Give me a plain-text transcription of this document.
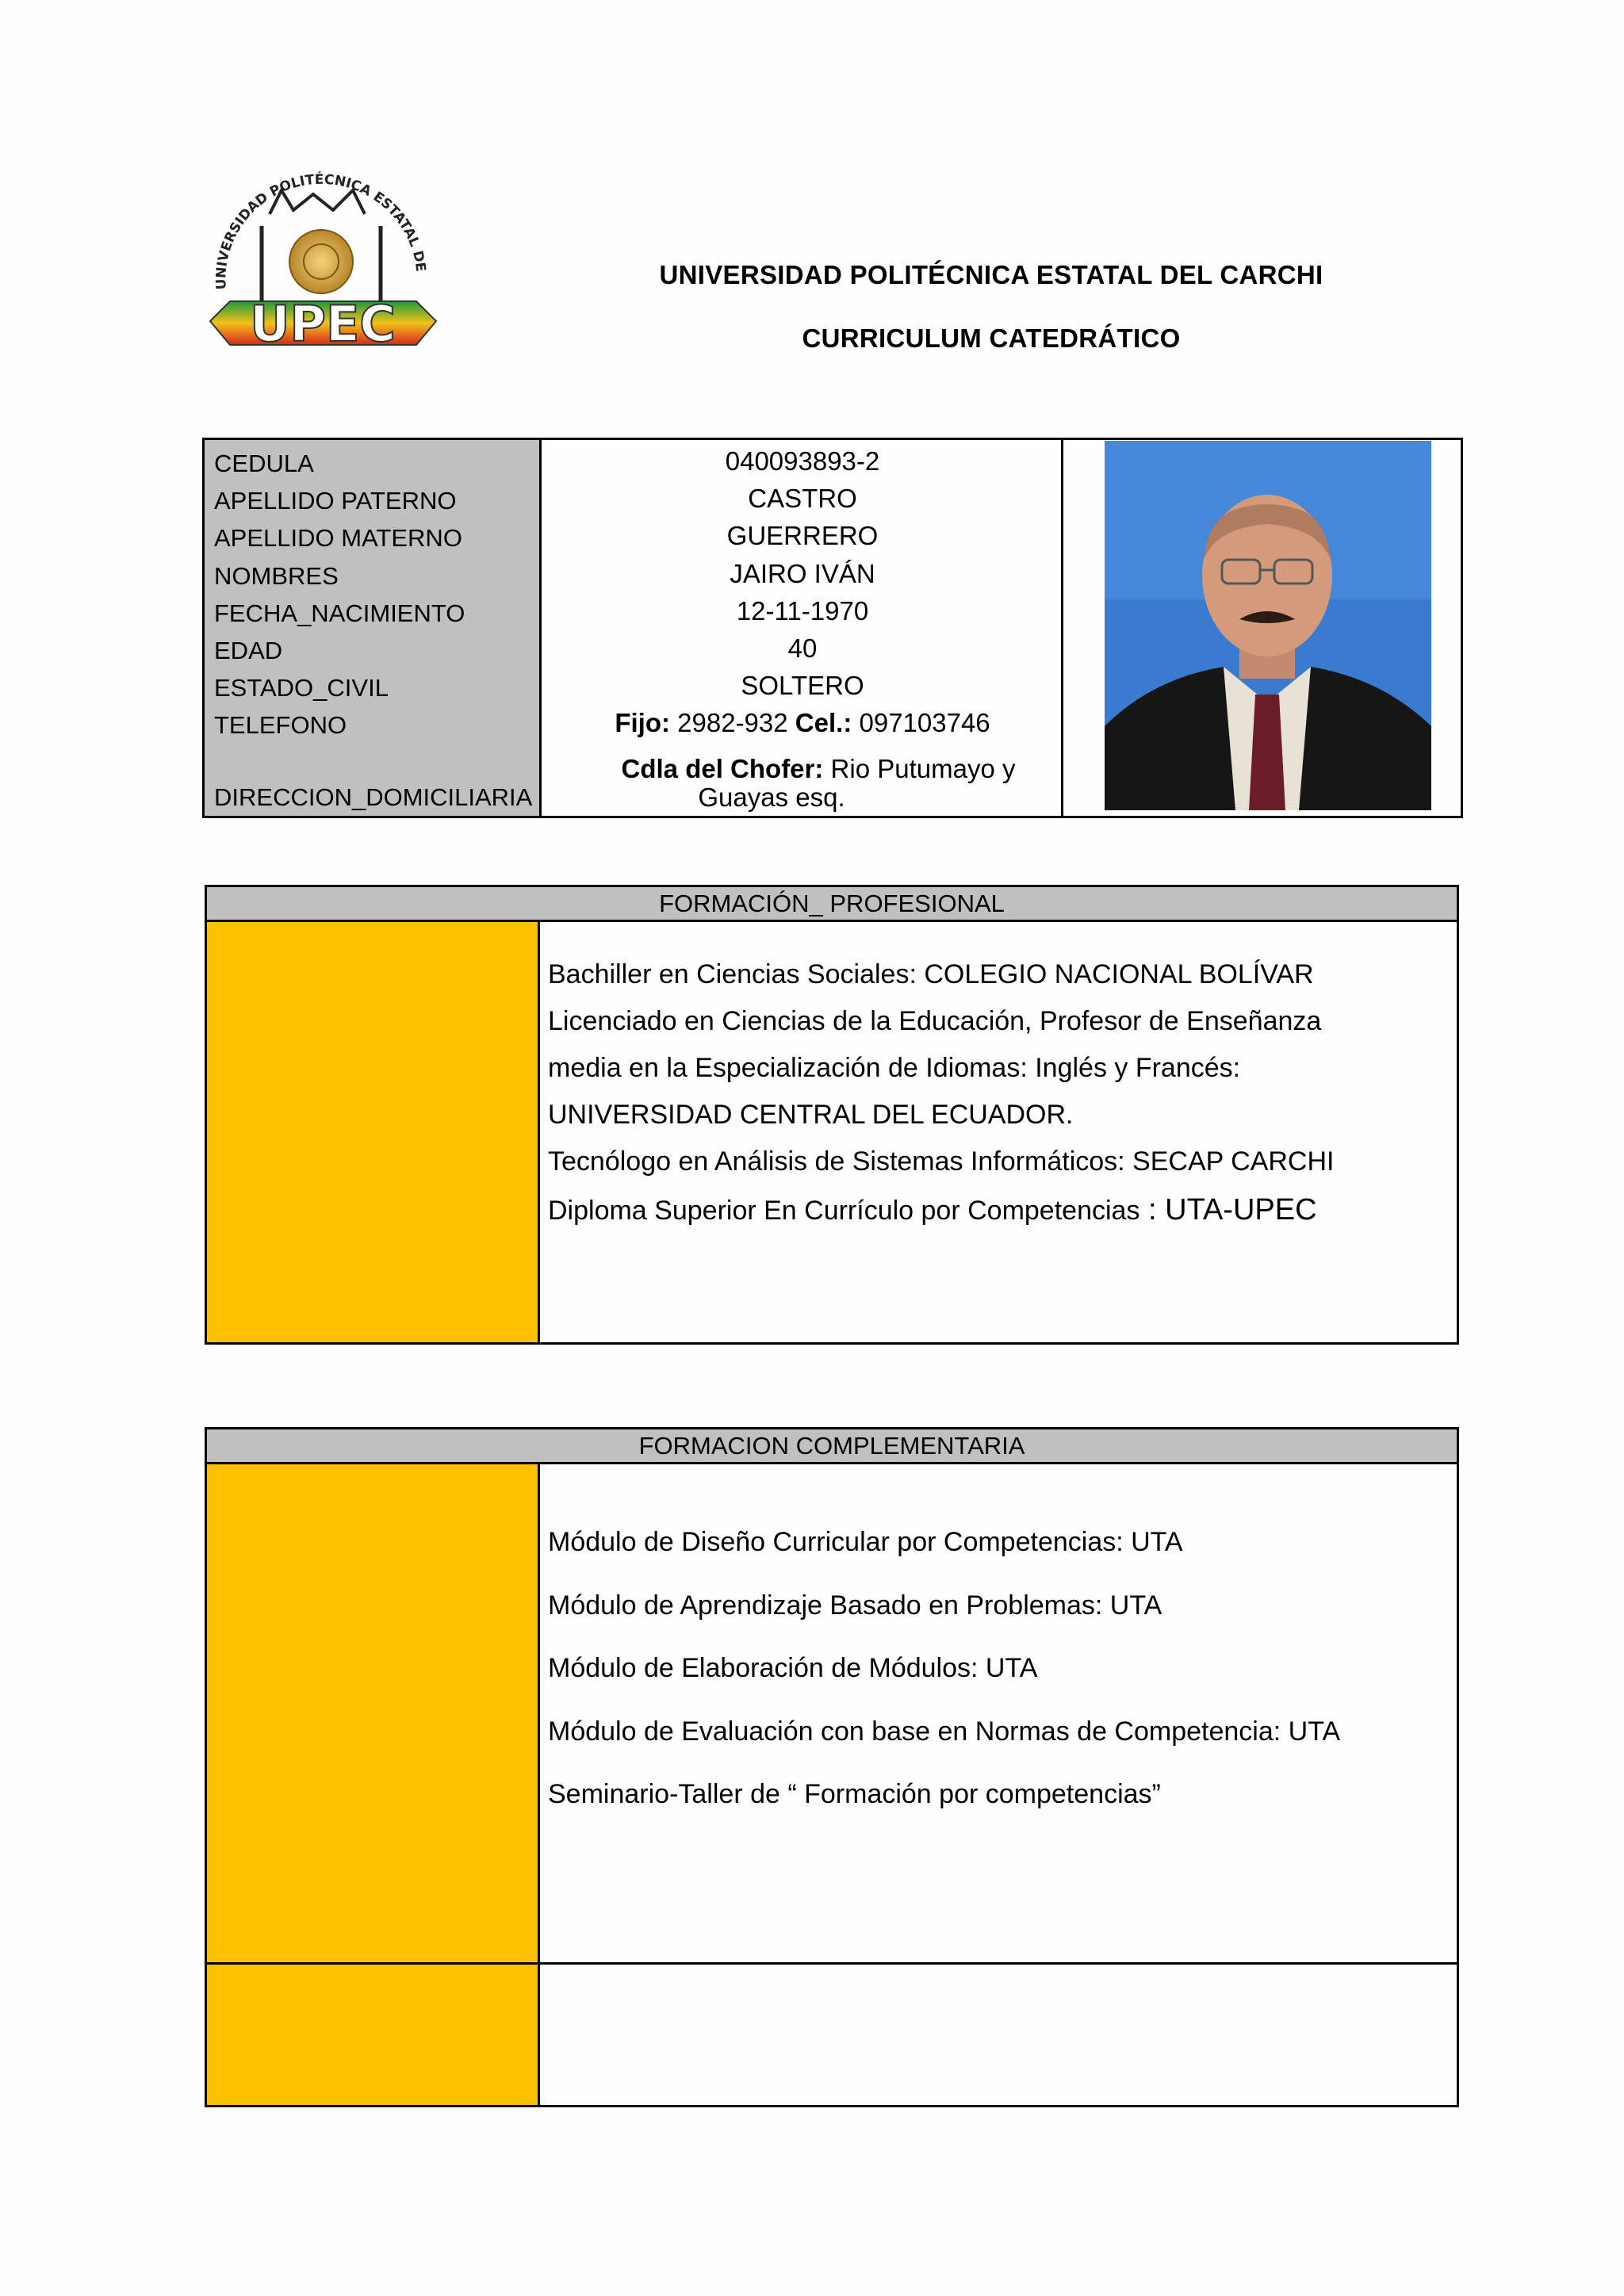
UNIVERSIDAD POLITÉCNICA ESTATAL DE
UPEC
UNIVERSIDAD POLITÉCNICA ESTATAL DEL CARCHI
CURRICULUM CATEDRÁTICO
CEDULA
APELLIDO PATERNO
APELLIDO MATERNO
NOMBRES
FECHA_NACIMIENTO
EDAD
ESTADO_CIVIL
TELEFONO
DIRECCION_DOMICILIARIA
040093893-2
CASTRO
GUERRERO
JAIRO IVÁN
12-11-1970
40
SOLTERO
Fijo: 2982-932 Cel.: 097103746
Cdla del Chofer: Rio Putumayo y
Guayas esq.
FORMACIÓN_ PROFESIONAL
Bachiller en Ciencias Sociales: COLEGIO NACIONAL BOLÍVAR
Licenciado en Ciencias de la Educación, Profesor de Enseñanza
media en la Especialización de Idiomas: Inglés y Francés:
UNIVERSIDAD CENTRAL DEL ECUADOR.
Tecnólogo en Análisis de Sistemas Informáticos: SECAP CARCHI
Diploma Superior En Currículo por Competencias : UTA-UPEC
FORMACION COMPLEMENTARIA
Módulo de Diseño Curricular por Competencias: UTA
Módulo de Aprendizaje Basado en Problemas: UTA
Módulo de Elaboración de Módulos: UTA
Módulo de Evaluación con base en Normas de Competencia: UTA
Seminario-Taller de “ Formación por competencias”
